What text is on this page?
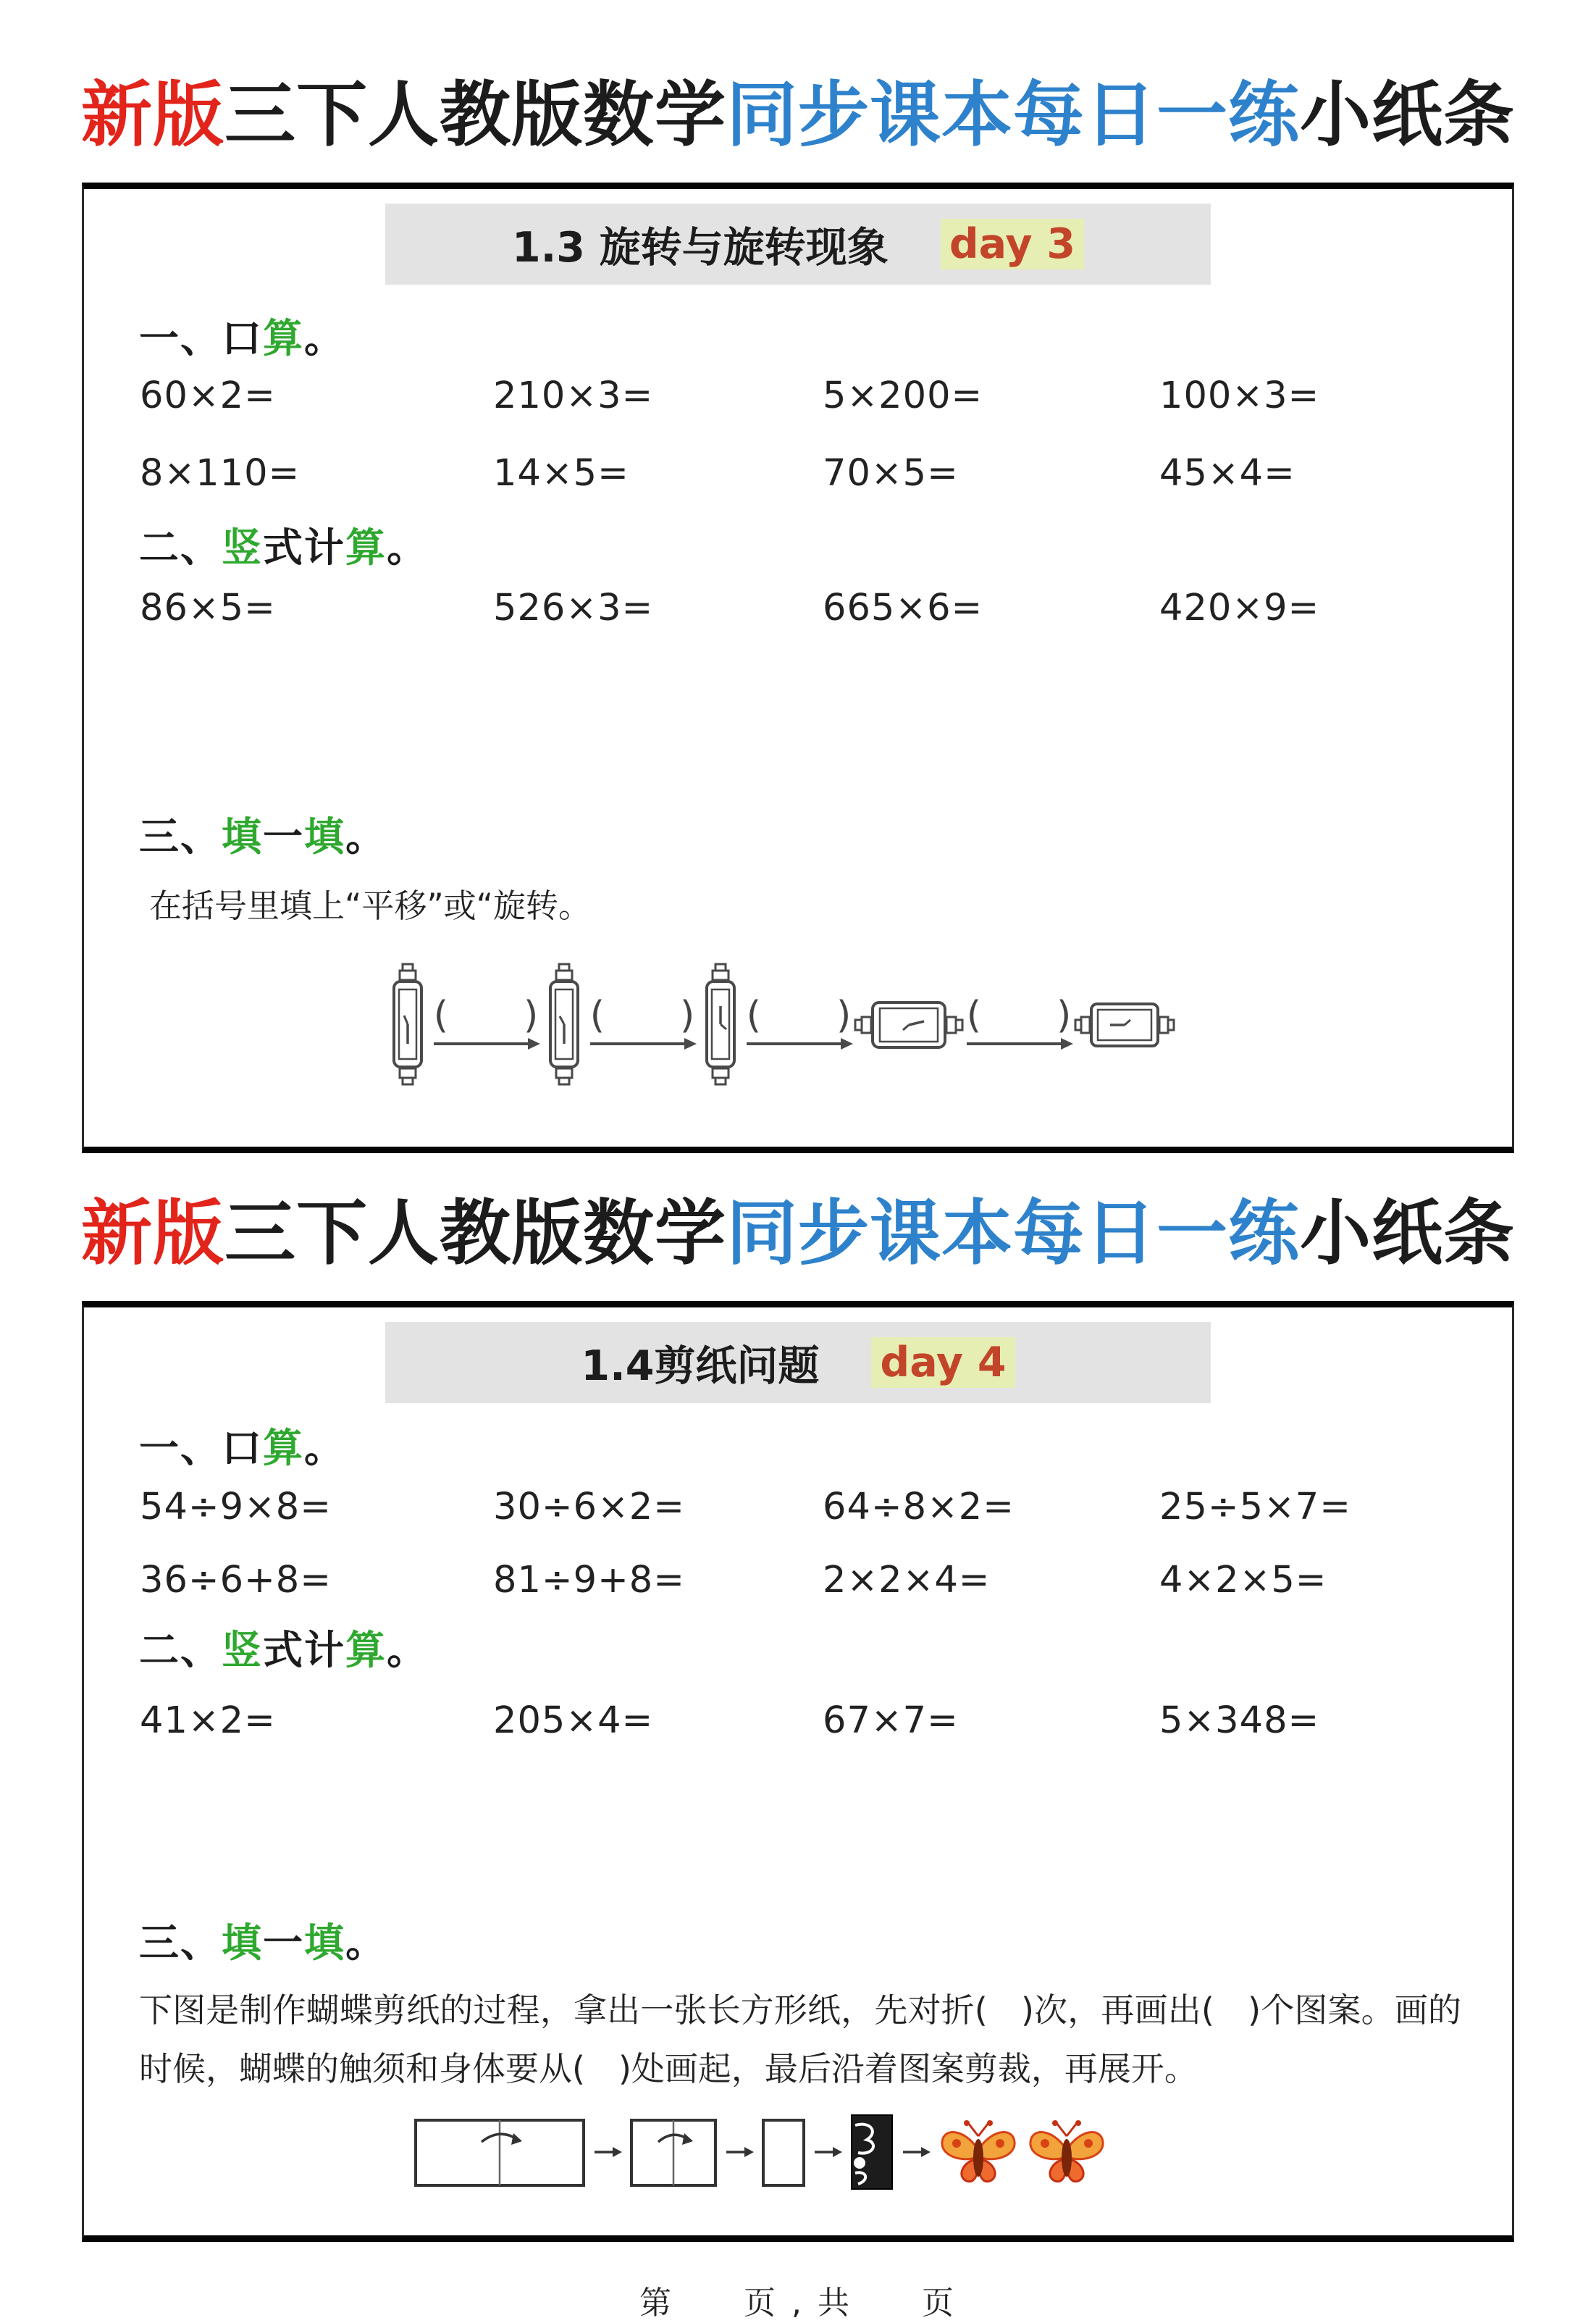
新版三下人教版数学同步课本每日一练小纸条
1.3 旋转与旋转现象 day 3
一、口算。
60×2=	210×3=	5×200=	100×3=
8×110=	14×5=	70×5=	45×4=
二、竖式计算。
86×5=	526×3=	665×6=	420×9=
三、填一填。
在括号里填上“平移”或“旋转。
(　　) (　　) (　　)	(　　)
新版三下人教版数学同步课本每日一练小纸条
1.4剪纸问题 day 4
一、口算。
54÷9×8=	30÷6×2=	64÷8×2=	25÷5×7=
36÷6+8=	81÷9+8=	2×2×4=	4×2×5=
二、竖式计算。
41×2=	205×4=	67×7=	5×348=
三、填一填。
下图是制作蝴蝶剪纸的过程，拿出一张长方形纸，先对折(　)次，再画出(　)个图案。画的时候，蝴蝶的触须和身体要从(　)处画起，最后沿着图案剪裁，再展开。
第　　页 , 共　　页
